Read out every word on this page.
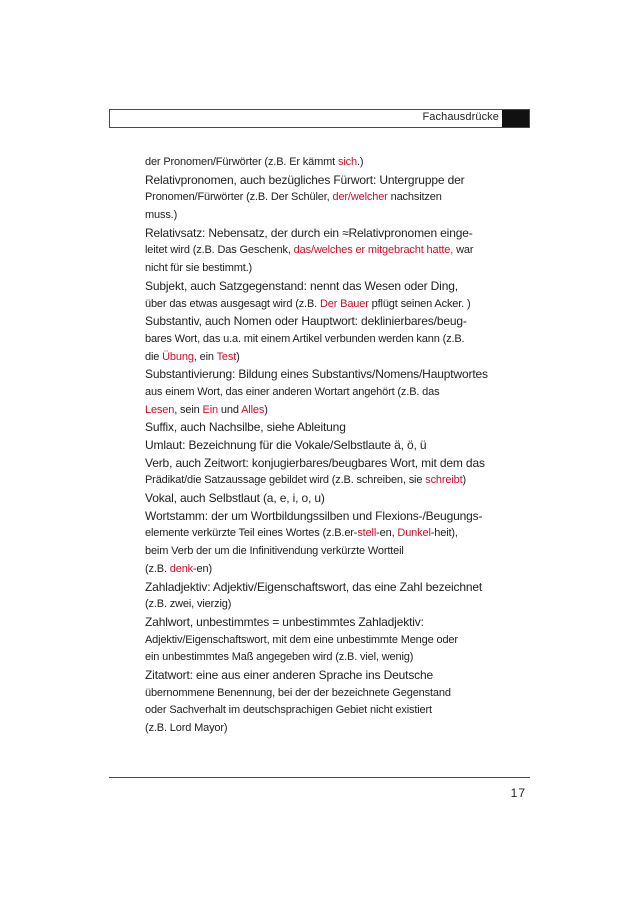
Fachausdrücke
der Pronomen/Fürwörter (z.B. Er kämmt sich.)
Relativpronomen, auch bezügliches Fürwort: Untergruppe der
Pronomen/Fürwörter (z.B. Der Schüler, der/welcher nachsitzen
muss.)
Relativsatz: Nebensatz, der durch ein ≈Relativpronomen einge-
leitet wird (z.B. Das Geschenk, das/welches er mitgebracht hatte, war
nicht für sie bestimmt.)
Subjekt, auch Satzgegenstand: nennt das Wesen oder Ding,
über das etwas ausgesagt wird (z.B. Der Bauer pflügt seinen Acker. )
Substantiv, auch Nomen oder Hauptwort: deklinierbares/beug-
bares Wort, das u.a. mit einem Artikel verbunden werden kann (z.B.
die Übung, ein Test)
Substantivierung: Bildung eines Substantivs/Nomens/Hauptwortes
aus einem Wort, das einer anderen Wortart angehört (z.B. das
Lesen, sein Ein und Alles)
Suffix, auch Nachsilbe, siehe Ableitung
Umlaut: Bezeichnung für die Vokale/Selbstlaute ä, ö, ü
Verb, auch Zeitwort: konjugierbares/beugbares Wort, mit dem das
Prädikat/die Satzaussage gebildet wird (z.B. schreiben, sie schreibt)
Vokal, auch Selbstlaut (a, e, i, o, u)
Wortstamm: der um Wortbildungssilben und Flexions-/Beugungs-
elemente verkürzte Teil eines Wortes (z.B.er-stell-en, Dunkel-heit),
beim Verb der um die Infinitivendung verkürzte Wortteil
(z.B. denk-en)
Zahladjektiv: Adjektiv/Eigenschaftswort, das eine Zahl bezeichnet
(z.B. zwei, vierzig)
Zahlwort, unbestimmtes = unbestimmtes Zahladjektiv:
Adjektiv/Eigenschaftswort, mit dem eine unbestimmte Menge oder
ein unbestimmtes Maß angegeben wird (z.B. viel, wenig)
Zitatwort: eine aus einer anderen Sprache ins Deutsche
übernommene Benennung, bei der der bezeichnete Gegenstand
oder Sachverhalt im deutschsprachigen Gebiet nicht existiert
(z.B. Lord Mayor)
17
